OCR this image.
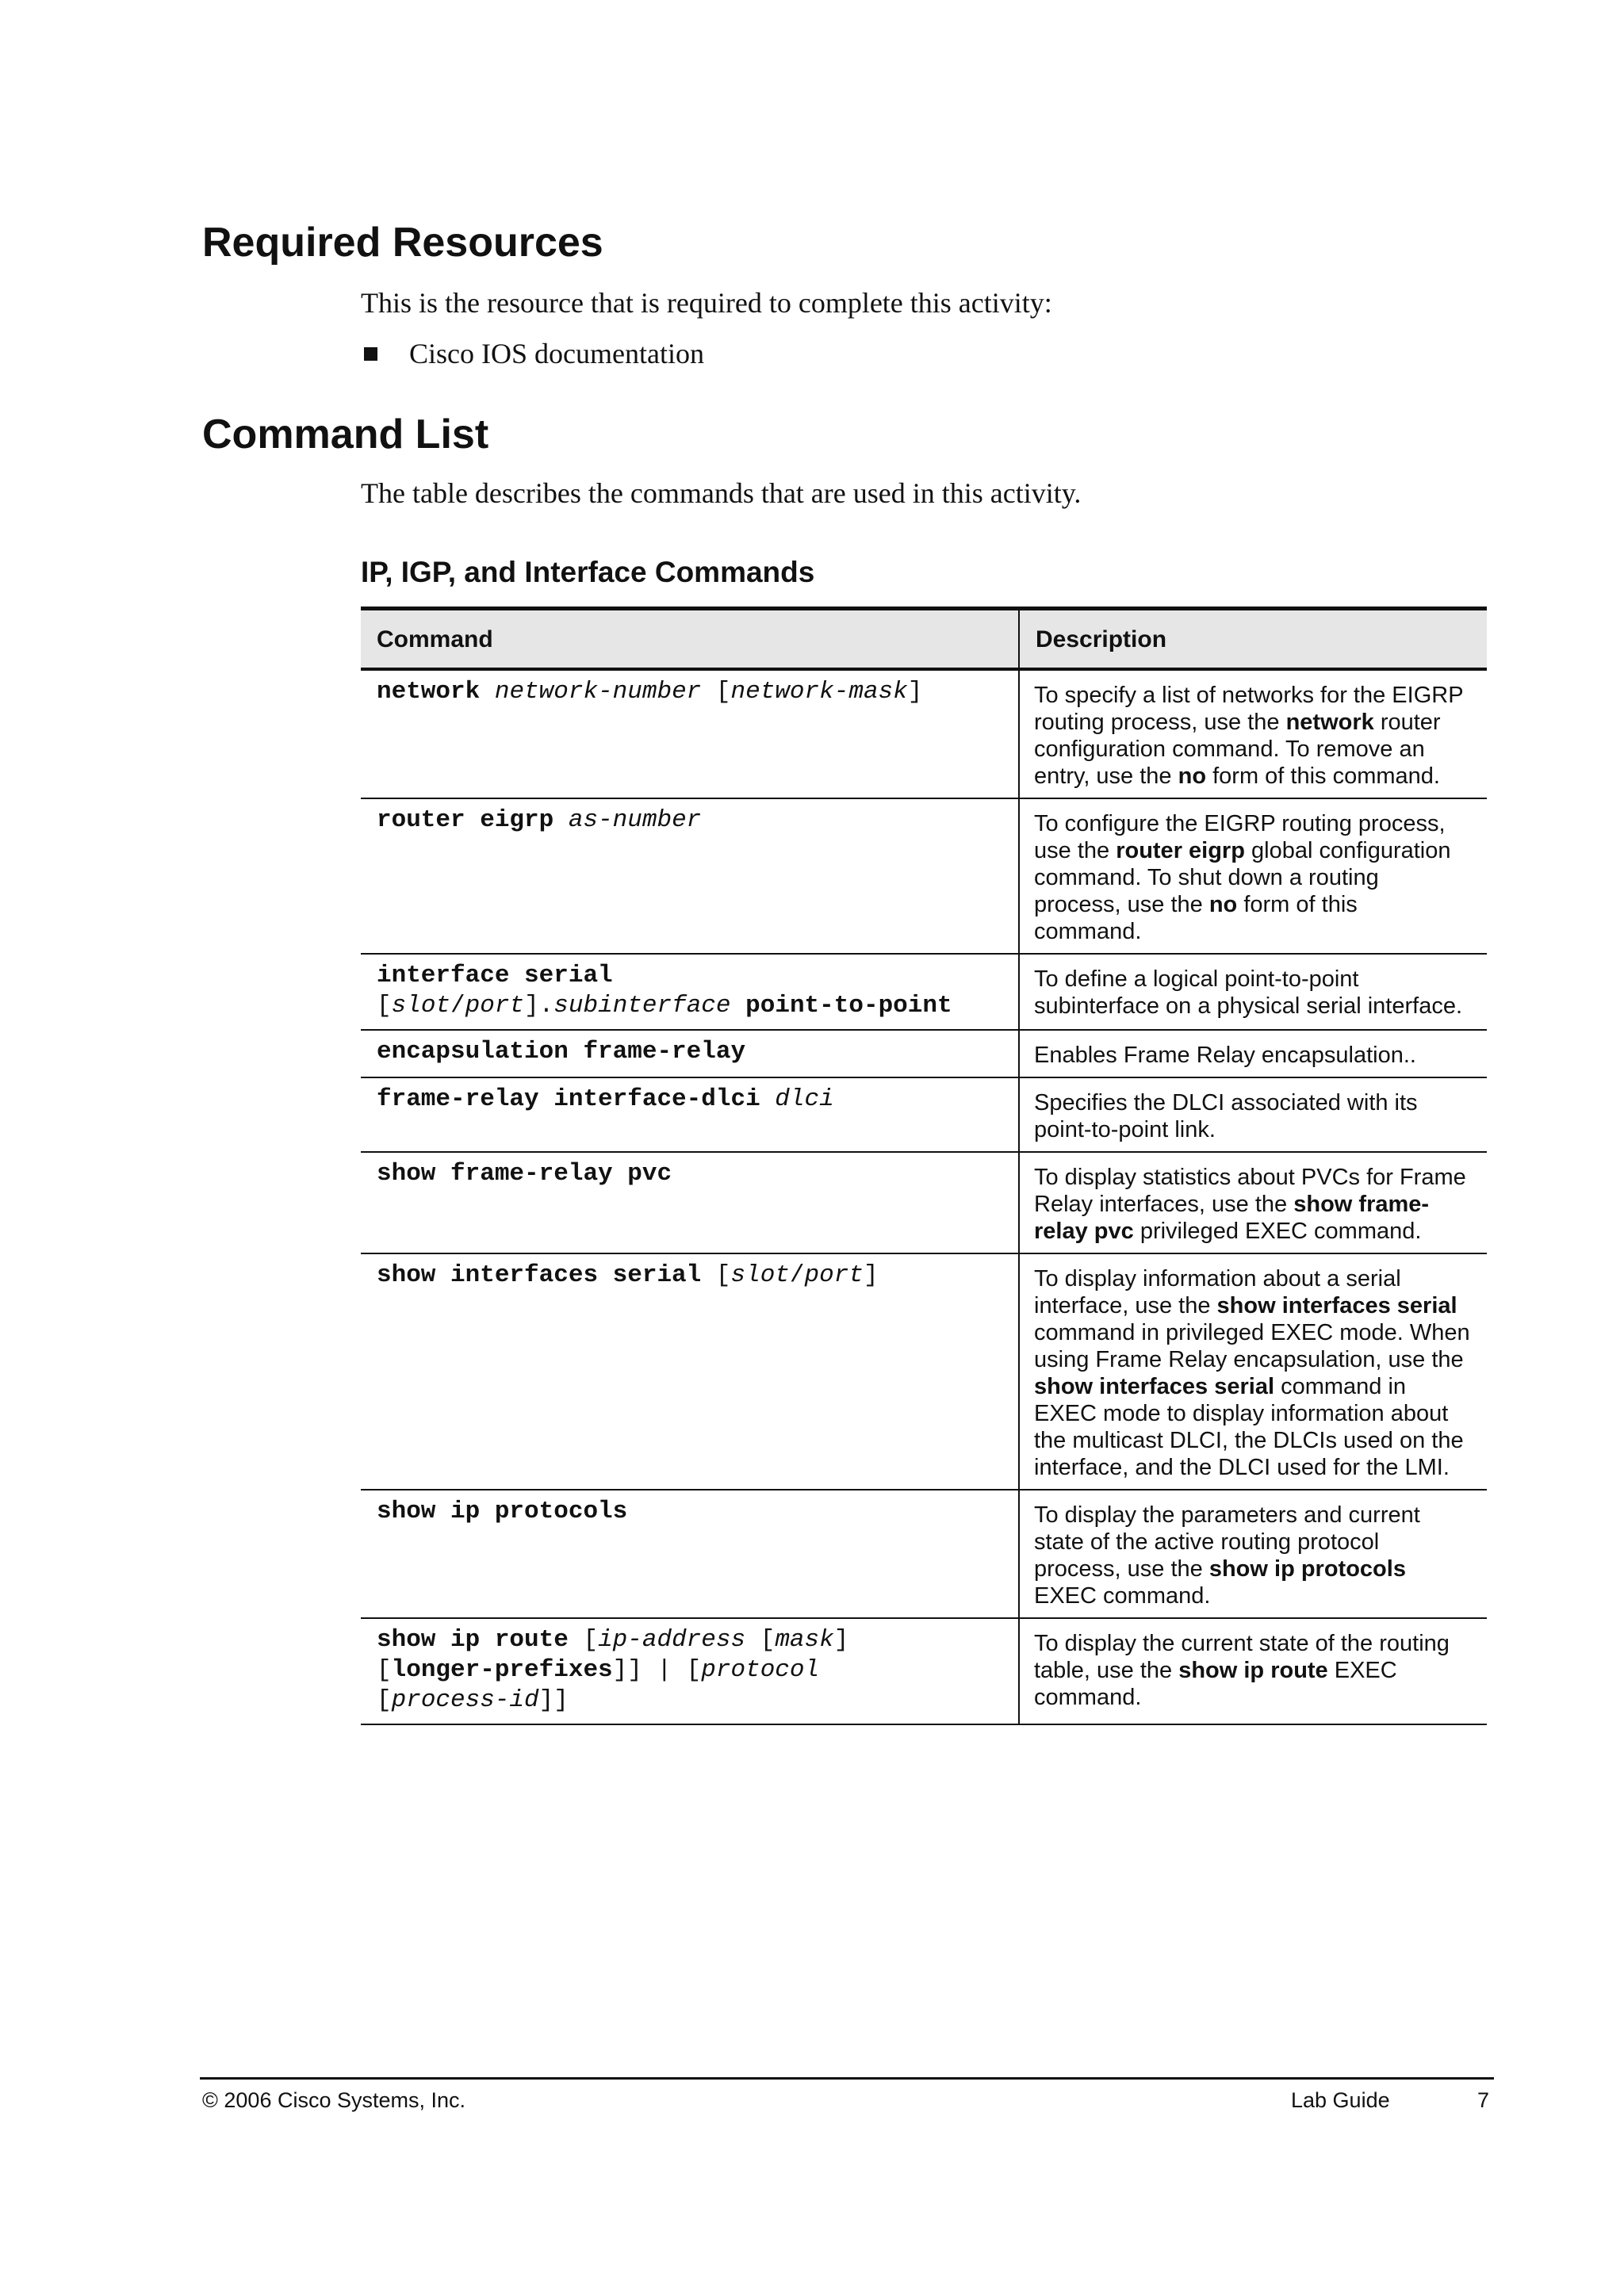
Required Resources

This is the resource that is required to complete this activity:

Cisco IOS documentation
Command List

The table describes the commands that are used in this activity.

IP, IGP, and Interface Commands
Command	Description

network network-number [network-mask]	To specify a list of networks for the EIGRP routing process, use the network router configuration command. To remove an entry, use the no form of this command.

router eigrp as-number	To configure the EIGRP routing process, use the router eigrp global configuration command. To shut down a routing process, use the no form of this command.

interface serial
[slot/port].subinterface point-to-point	To define a logical point-to-point subinterface on a physical serial interface.

encapsulation frame-relay	Enables Frame Relay encapsulation..

frame-relay interface-dlci dlci	Specifies the DLCI associated with its point-to-point link.

show frame-relay pvc	To display statistics about PVCs for Frame Relay interfaces, use the show frame-relay pvc privileged EXEC command.

show interfaces serial [slot/port]	To display information about a serial interface, use the show interfaces serial command in privileged EXEC mode. When using Frame Relay encapsulation, use the show interfaces serial command in EXEC mode to display information about the multicast DLCI, the DLCIs used on the interface, and the DLCI used for the LMI.

show ip protocols	To display the parameters and current state of the active routing protocol process, use the show ip protocols EXEC command.

show ip route [ip-address [mask]
[longer-prefixes]] | [protocol
[process-id]]	To display the current state of the routing table, use the show ip route EXEC command.
© 2006 Cisco Systems, Inc.	Lab Guide	7
